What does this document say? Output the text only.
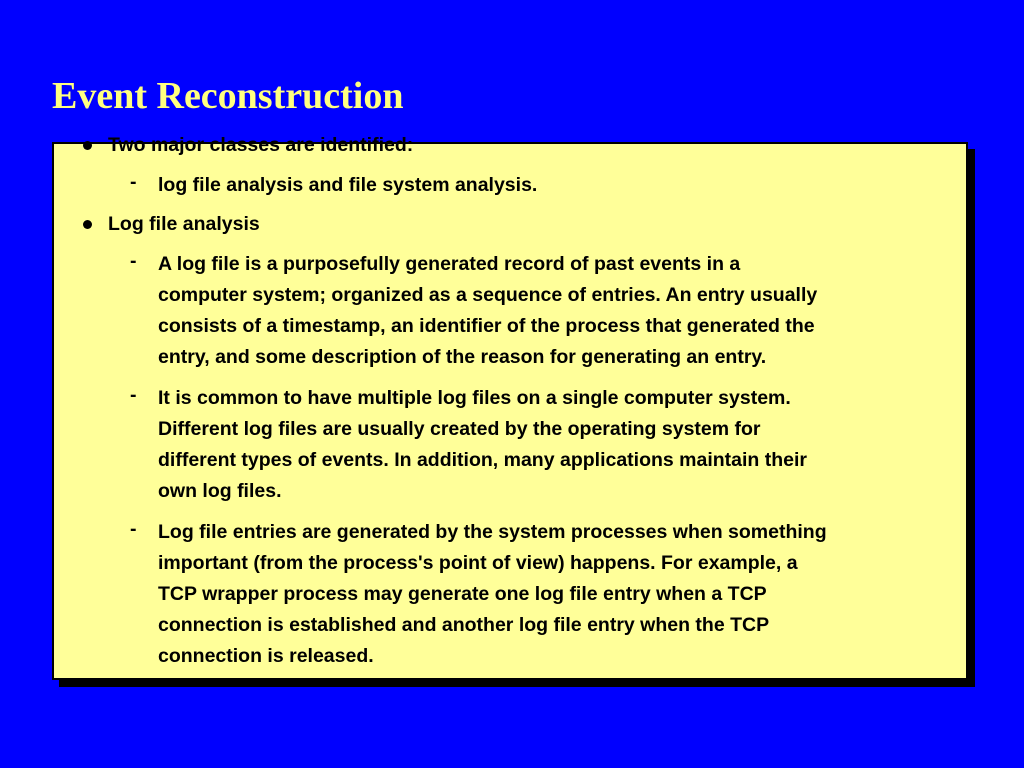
Event Reconstruction
Two major classes are identified:
- log file analysis and file system analysis.
Log file analysis
- A log file is a purposefully generated record of past events in a
computer system; organized as a sequence of entries. An entry usually
consists of a timestamp, an identifier of the process that generated the
entry, and some description of the reason for generating an entry.
- It is common to have multiple log files on a single computer system.
Different log files are usually created by the operating system for
different types of events. In addition, many applications maintain their
own log files.
- Log file entries are generated by the system processes when something
important (from the process's point of view) happens. For example, a
TCP wrapper process may generate one log file entry when a TCP
connection is established and another log file entry when the TCP
connection is released.
